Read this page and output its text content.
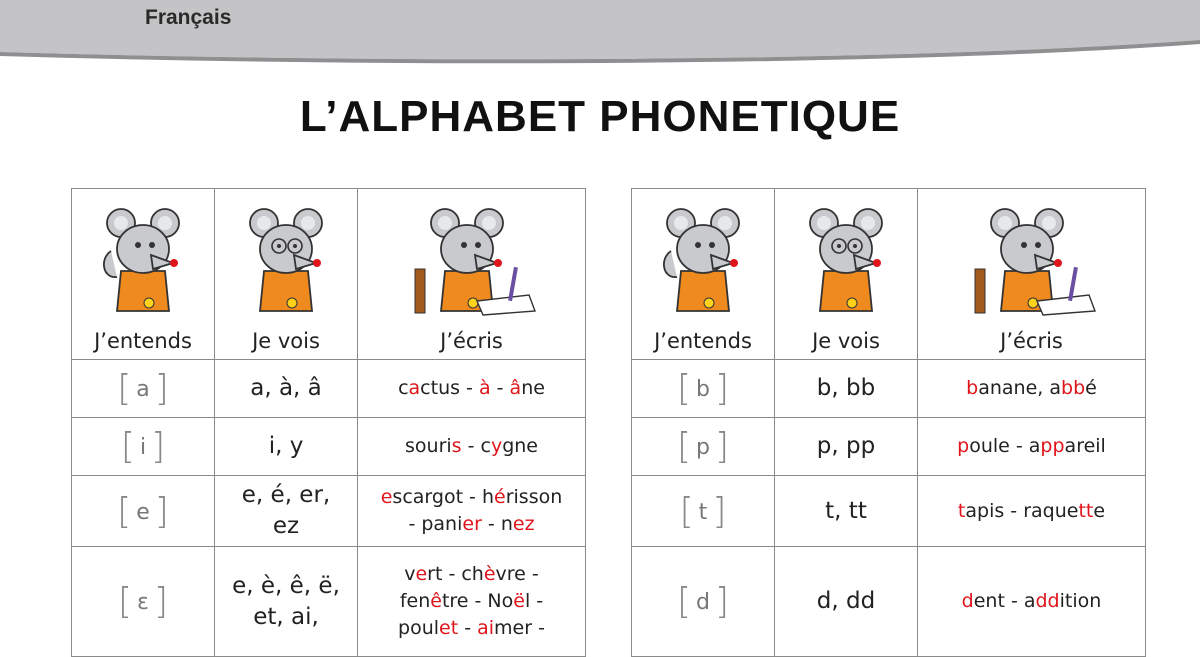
Français
L’ALPHABET PHONETIQUE
J’entends	Je vois	J’écris

[ a ]	a, à, â	cactus - à - âne

[ i ]	i, y	souris - cygne

[ e ]	e, é, er, ez	escargot - hérisson
- panier - nez

[ ɛ ]	e, è, ê, ë, et, ai,	vert - chèvre -
fenêtre - Noël -
poulet - aimer -
J’entends	Je vois	J’écris

[ b ]	b, bb	banane, abbé

[ p ]	p, pp	poule - appareil

[ t ]	t, tt	tapis - raquette

[ d ]	d, dd	dent - addition
